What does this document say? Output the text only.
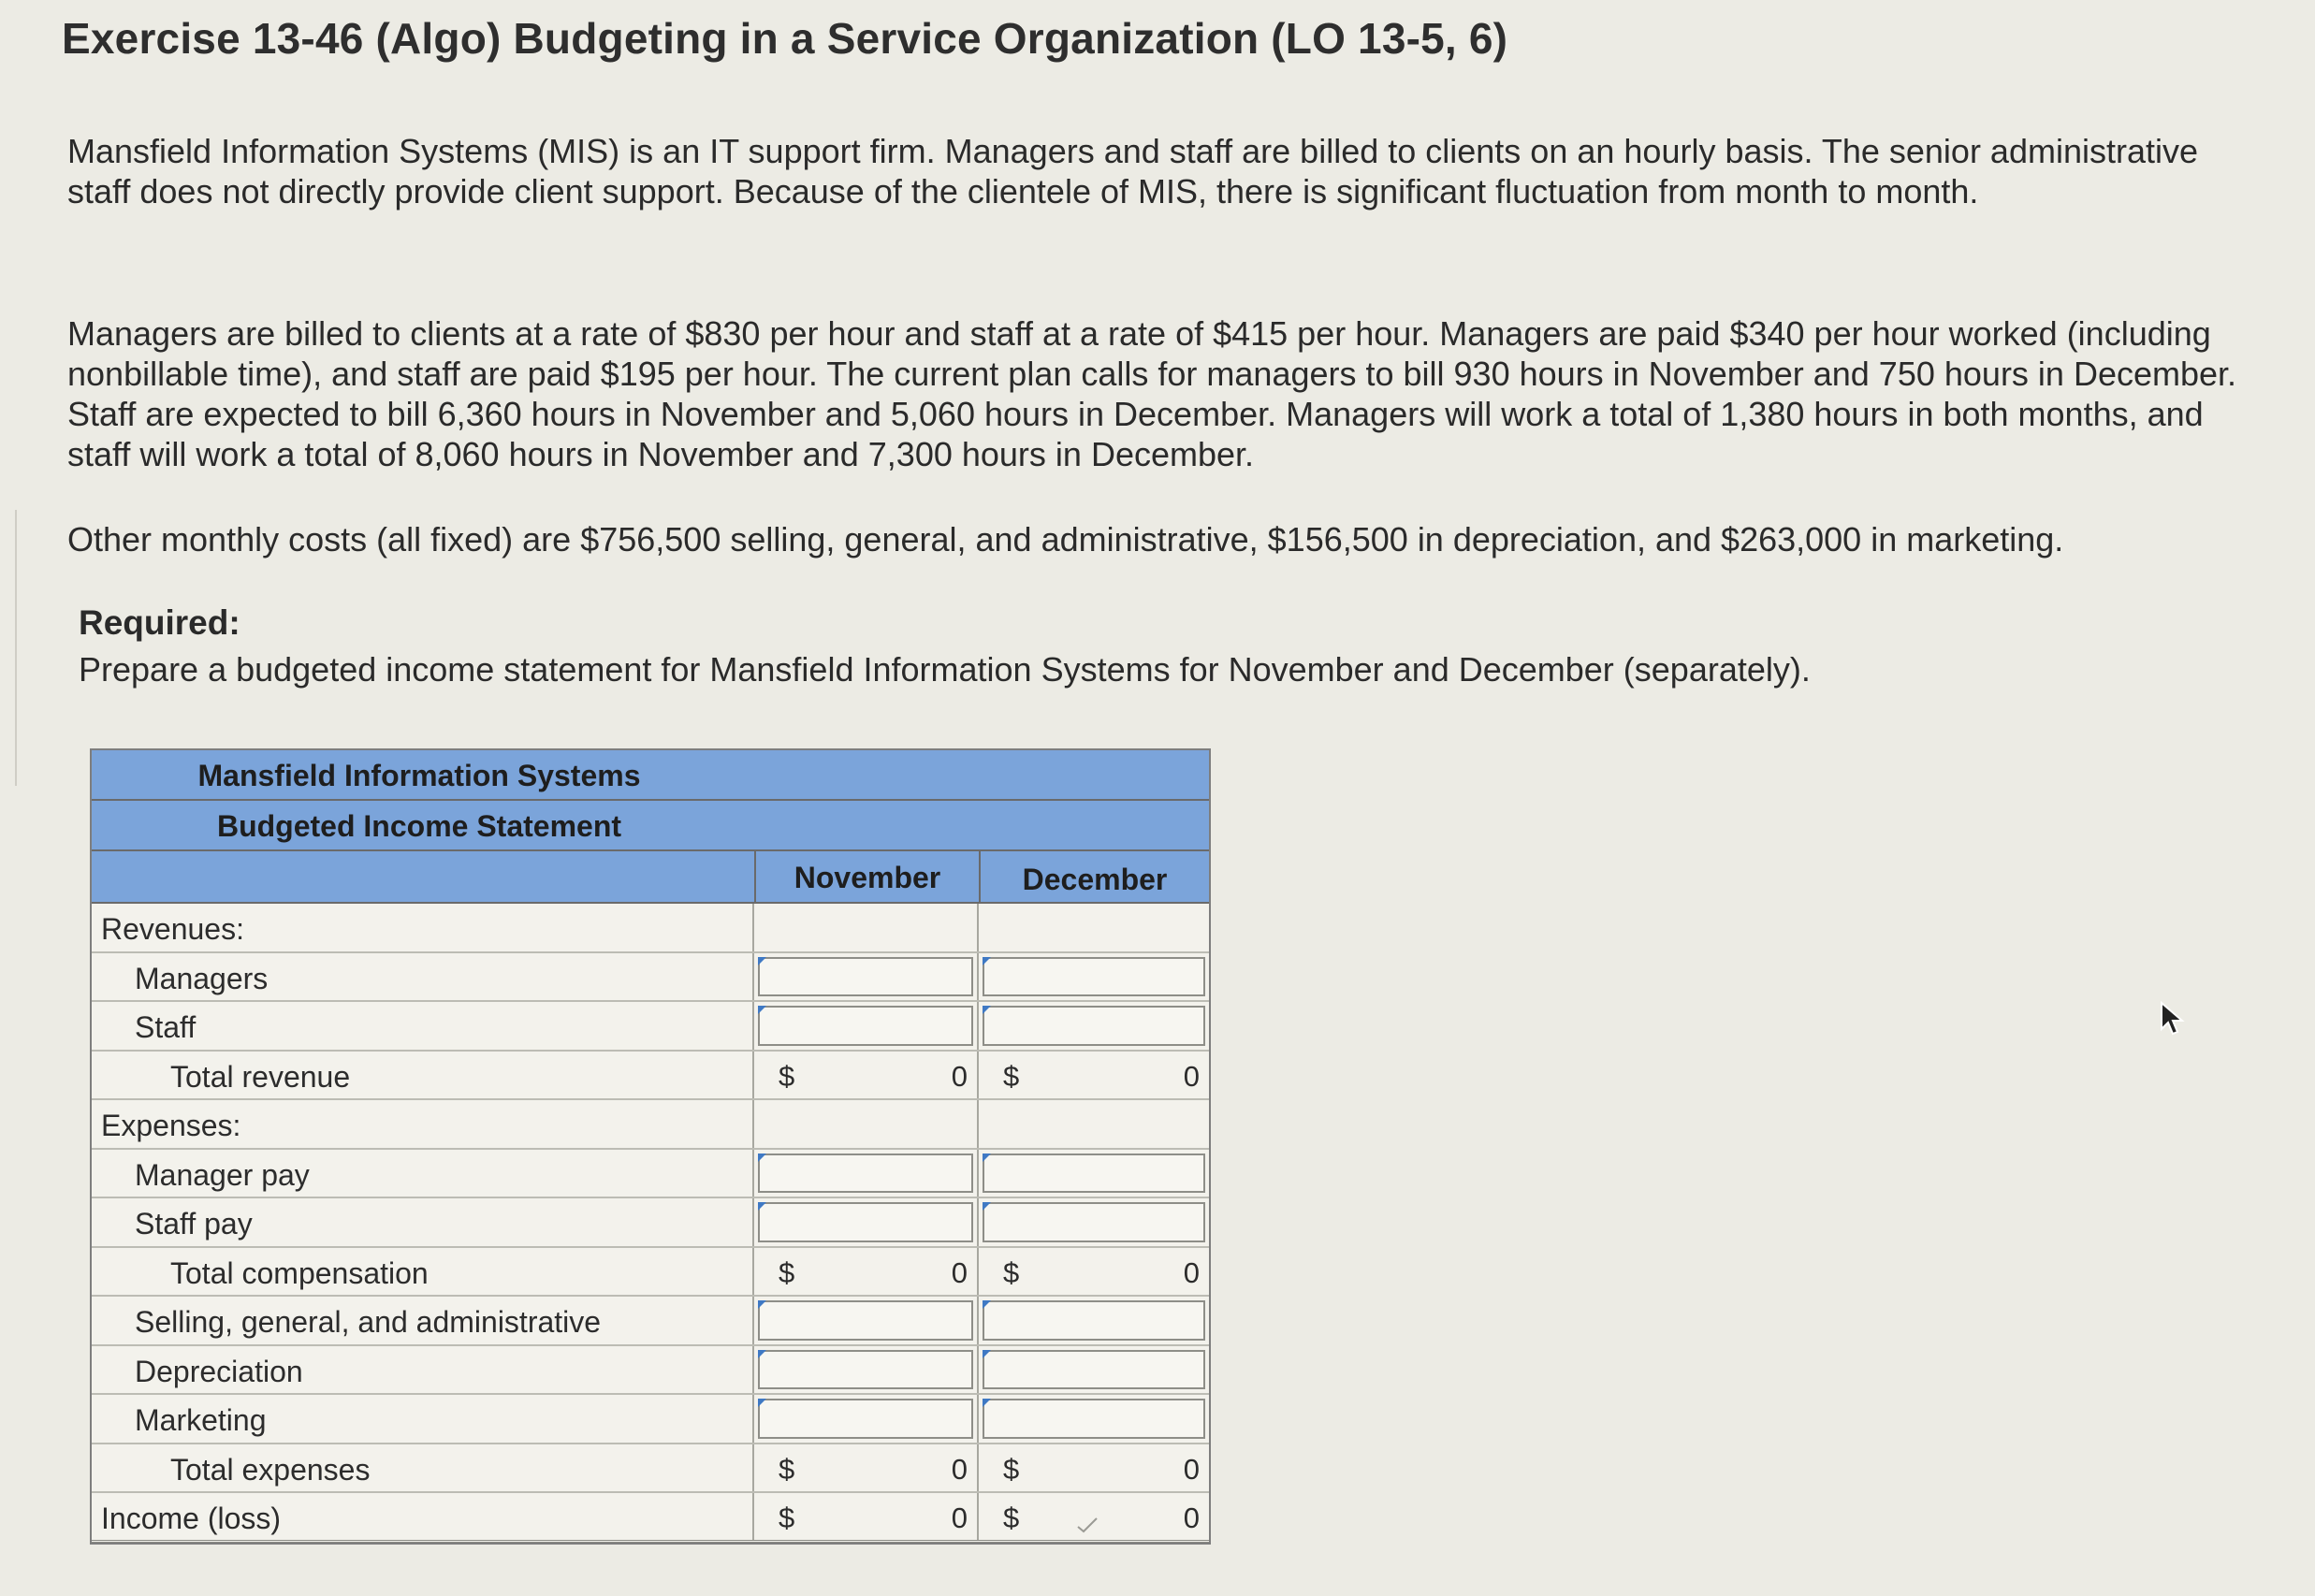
Exercise 13-46 (Algo) Budgeting in a Service Organization (LO 13-5, 6)
Mansfield Information Systems (MIS) is an IT support firm. Managers and staff are billed to clients on an hourly basis. The senior administrative staff does not directly provide client support. Because of the clientele of MIS, there is significant fluctuation from month to month.
Managers are billed to clients at a rate of $830 per hour and staff at a rate of $415 per hour. Managers are paid $340 per hour worked (including nonbillable time), and staff are paid $195 per hour. The current plan calls for managers to bill 930 hours in November and 750 hours in December. Staff are expected to bill 6,360 hours in November and 5,060 hours in December. Managers will work a total of 1,380 hours in both months, and staff will work a total of 8,060 hours in November and 7,300 hours in December.
Other monthly costs (all fixed) are $756,500 selling, general, and administrative, $156,500 in depreciation, and $263,000 in marketing.
Required:
Prepare a budgeted income statement for Mansfield Information Systems for November and December (separately).
Mansfield Information Systems
Budgeted Income Statement
November	December
Revenues:
Managers
Staff
Total revenue	$	0 $	0
Expenses:
Manager pay
Staff pay
Total compensation	$	0 $	0
Selling, general, and administrative
Depreciation
Marketing
Total expenses	$	0 $	0
Income (loss)	$	0 $	0
